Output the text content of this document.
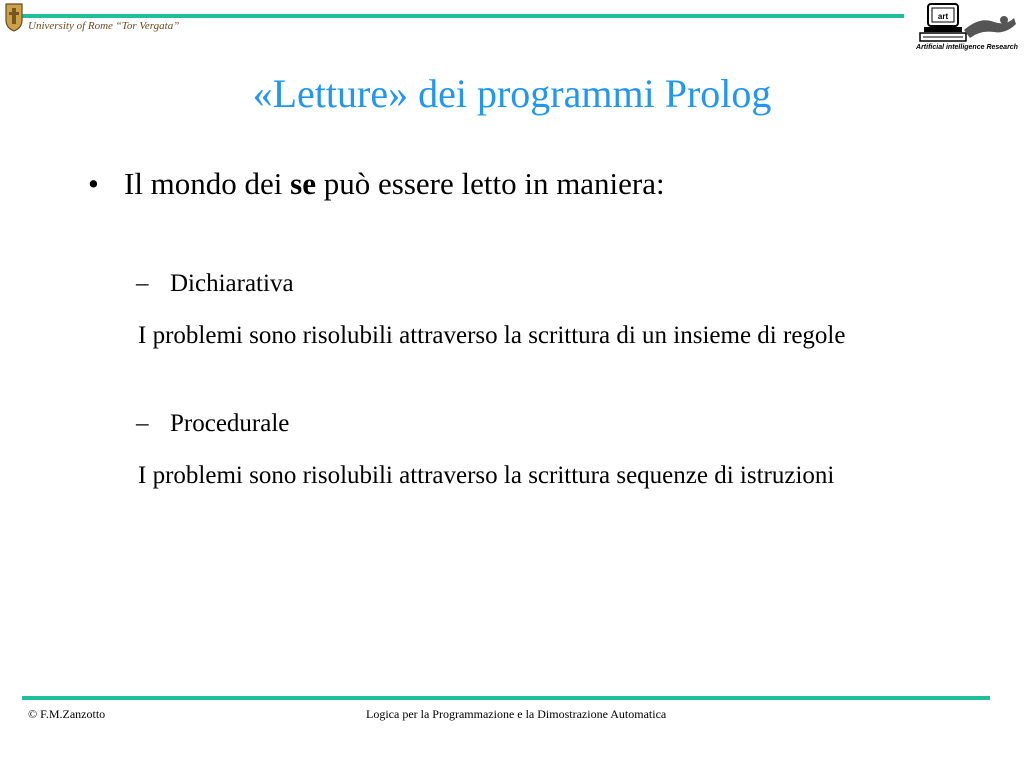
University of Rome “Tor Vergata”
art
Artificial intelligence Research
«Letture» dei programmi Prolog
• Il mondo dei se può essere letto in maniera:
– Dichiarativa
I problemi sono risolubili attraverso la scrittura di un insieme di regole
– Procedurale
I problemi sono risolubili attraverso la scrittura sequenze di istruzioni
© F.M.Zanzotto	Logica per la Programmazione e la Dimostrazione Automatica
